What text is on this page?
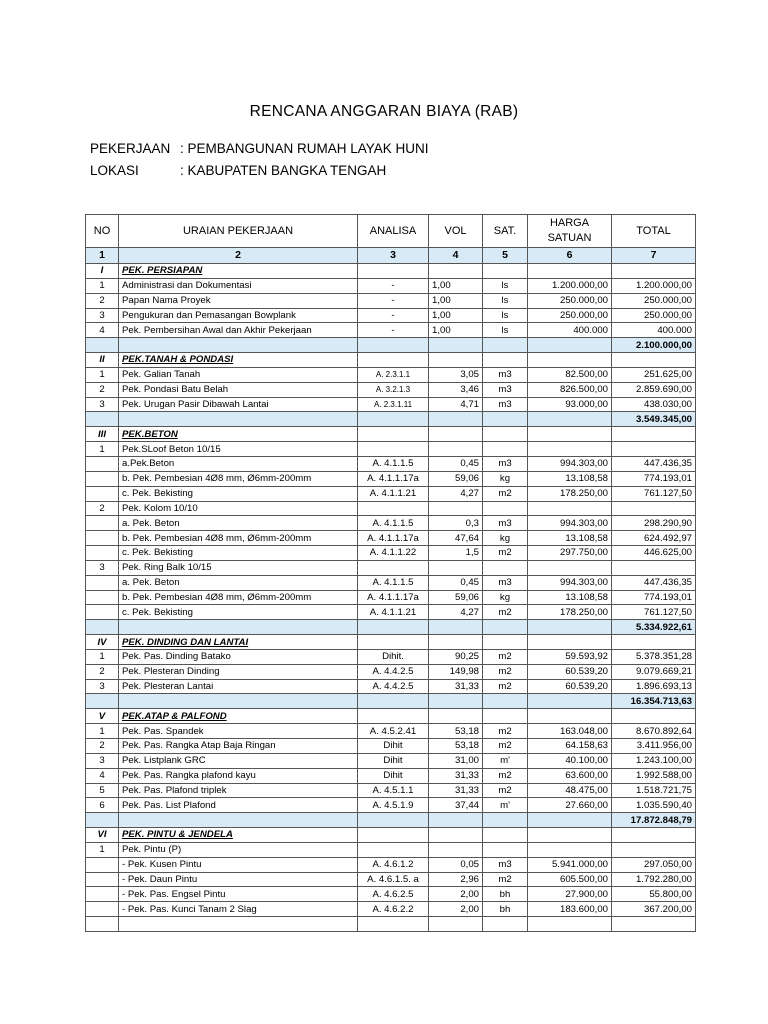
RENCANA ANGGARAN BIAYA (RAB)
PEKERJAAN : PEMBANGUNAN RUMAH LAYAK HUNI
LOKASI	: KABUPATEN BANGKA TENGAH
NO	URAIAN PEKERJAAN	ANALISA	VOL	SAT.	HARGA SATUAN	TOTAL
1	2	3	4	5	6	7
I	PEK. PERSIAPAN					
1	Administrasi dan Dokumentasi	-	1,00	ls	1.200.000,00	1.200.000,00
2	Papan Nama Proyek	-	1,00	ls	250.000,00	250.000,00
3	Pengukuran dan Pemasangan Bowplank	-	1,00	ls	250.000,00	250.000,00
4	Pek. Pembersihan Awal dan Akhir Pekerjaan	-	1,00	ls	400.000	400.000
						2.100.000,00
II	PEK.TANAH & PONDASI					
1	Pek. Galian Tanah	A. 2.3.1.1	3,05	m3	82.500,00	251.625,00
2	Pek. Pondasi Batu Belah	A. 3.2.1.3	3,46	m3	826.500,00	2.859.690,00
3	Pek. Urugan Pasir Dibawah Lantai	A. 2.3.1.11	4,71	m3	93.000,00	438.030,00
						3.549.345,00
III	PEK.BETON					
1	Pek.SLoof Beton 10/15					
	a.Pek.Beton	A. 4.1.1.5	0,45	m3	994.303,00	447.436,35
	b. Pek. Pembesian 4Ø8 mm, Ø6mm-200mm	A. 4.1.1.17a	59,06	kg	13.108,58	774.193,01
	c. Pek. Bekisting	A. 4.1.1.21	4,27	m2	178.250,00	761.127,50
2	Pek. Kolom 10/10					
	a. Pek. Beton	A. 4.1.1.5	0,3	m3	994.303,00	298.290,90
	b. Pek. Pembesian 4Ø8 mm, Ø6mm-200mm	A. 4.1.1.17a	47,64	kg	13.108,58	624.492,97
	c. Pek. Bekisting	A. 4.1.1.22	1,5	m2	297.750,00	446.625,00
3	Pek. Ring Balk 10/15					
	a. Pek. Beton	A. 4.1.1.5	0,45	m3	994.303,00	447.436,35
	b. Pek. Pembesian 4Ø8 mm, Ø6mm-200mm	A. 4.1.1.17a	59,06	kg	13.108,58	774.193,01
	c. Pek. Bekisting	A. 4.1.1.21	4,27	m2	178.250,00	761.127,50
						5.334.922,61
IV	PEK. DINDING DAN LANTAI					
1	Pek. Pas. Dinding Batako	Dihit.	90,25	m2	59.593,92	5.378.351,28
2	Pek. Plesteran Dinding	A. 4.4.2.5	149,98	m2	60.539,20	9.079.669,21
3	Pek. Plesteran Lantai	A. 4.4.2.5	31,33	m2	60.539,20	1.896.693,13
						16.354.713,63
V	PEK.ATAP & PALFOND					
1	Pek. Pas. Spandek	A. 4.5.2.41	53,18	m2	163.048,00	8.670.892,64
2	Pek. Pas. Rangka Atap Baja Ringan	Dihit	53,18	m2	64.158,63	3.411.956,00
3	Pek. Listplank GRC	Dihit	31,00	m'	40.100,00	1.243.100,00
4	Pek. Pas. Rangka plafond kayu	Dihit	31,33	m2	63.600,00	1.992.588,00
5	Pek. Pas. Plafond triplek	A. 4.5.1.1	31,33	m2	48.475,00	1.518.721,75
6	Pek. Pas. List Plafond	A. 4.5.1.9	37,44	m'	27.660,00	1.035.590,40
						17.872.848,79
VI	PEK. PINTU & JENDELA					
1	Pek. Pintu (P)					
	- Pek. Kusen Pintu	A. 4.6.1.2	0,05	m3	5.941.000,00	297.050,00
	- Pek. Daun Pintu	A. 4.6.1.5. a	2,96	m2	605.500,00	1.792.280,00
	- Pek. Pas. Engsel Pintu	A. 4.6.2.5	2,00	bh	27.900,00	55.800,00
	- Pek. Pas. Kunci Tanam 2 Slag	A. 4.6.2.2	2,00	bh	183.600,00	367.200,00
